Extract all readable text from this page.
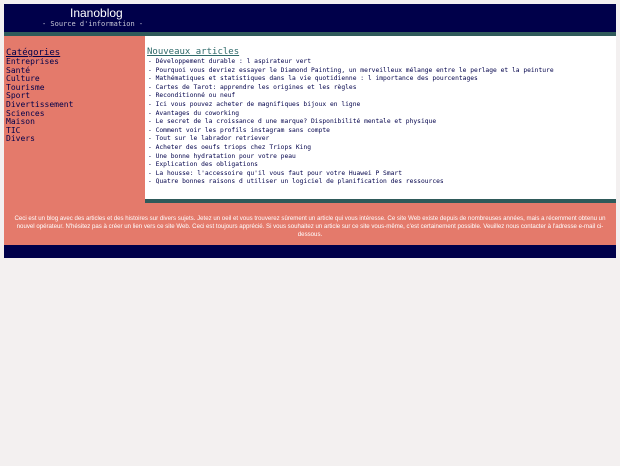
Inanoblog
- Source d'information -
Catégories
Entreprises
Santé
Culture
Tourisme
Sport
Divertissement
Sciences
Maison
TIC
Divers
Nouveaux articles
- Développement durable : l aspirateur vert
- Pourquoi vous devriez essayer le Diamond Painting, un merveilleux mélange entre le perlage et la peinture
- Mathématiques et statistiques dans la vie quotidienne : l importance des pourcentages
- Cartes de Tarot: apprendre les origines et les règles
- Reconditionné ou neuf
- Ici vous pouvez acheter de magnifiques bijoux en ligne
- Avantages du coworking
- Le secret de la croissance d une marque? Disponibilité mentale et physique
- Comment voir les profils instagram sans compte
- Tout sur le labrador retriever
- Acheter des oeufs triops chez Triops King
- Une bonne hydratation pour votre peau
- Explication des obligations
- La housse: l'accessoire qu'il vous faut pour votre Huawei P Smart
- Quatre bonnes raisons d utiliser un logiciel de planification des ressources
Ceci est un blog avec des articles et des histoires sur divers sujets. Jetez un oeil et vous trouverez sûrement un article qui vous intéresse. Ce site Web existe depuis de nombreuses années, mais a récemment obtenu un nouvel opérateur. N'hésitez pas à créer un lien vers ce site Web. Ceci est toujours apprécié. Si vous souhaitez un article sur ce site vous-même, c'est certainement possible. Veuillez nous contacter à l'adresse e-mail ci-dessous.
